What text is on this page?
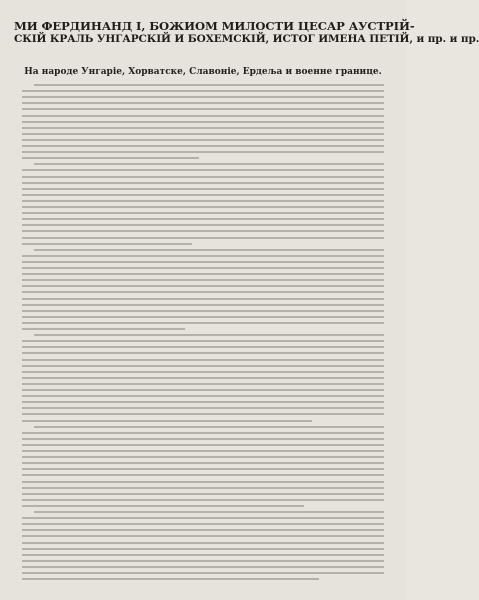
МИ ФЕРДИНАНД I, БОЖИОМ МИЛОСТИ ЦЕСАР АУСТРІЙ-
СКІЙ КРАЛЬ УНГАРСКІЙ И БОХЕМСКІЙ, ИСТОГ ИМЕНА ПЕТІЙ, и пр. и пр.
На народе Унгаріе, Хорватске, Славоніе, Ердеља и военне границе.
